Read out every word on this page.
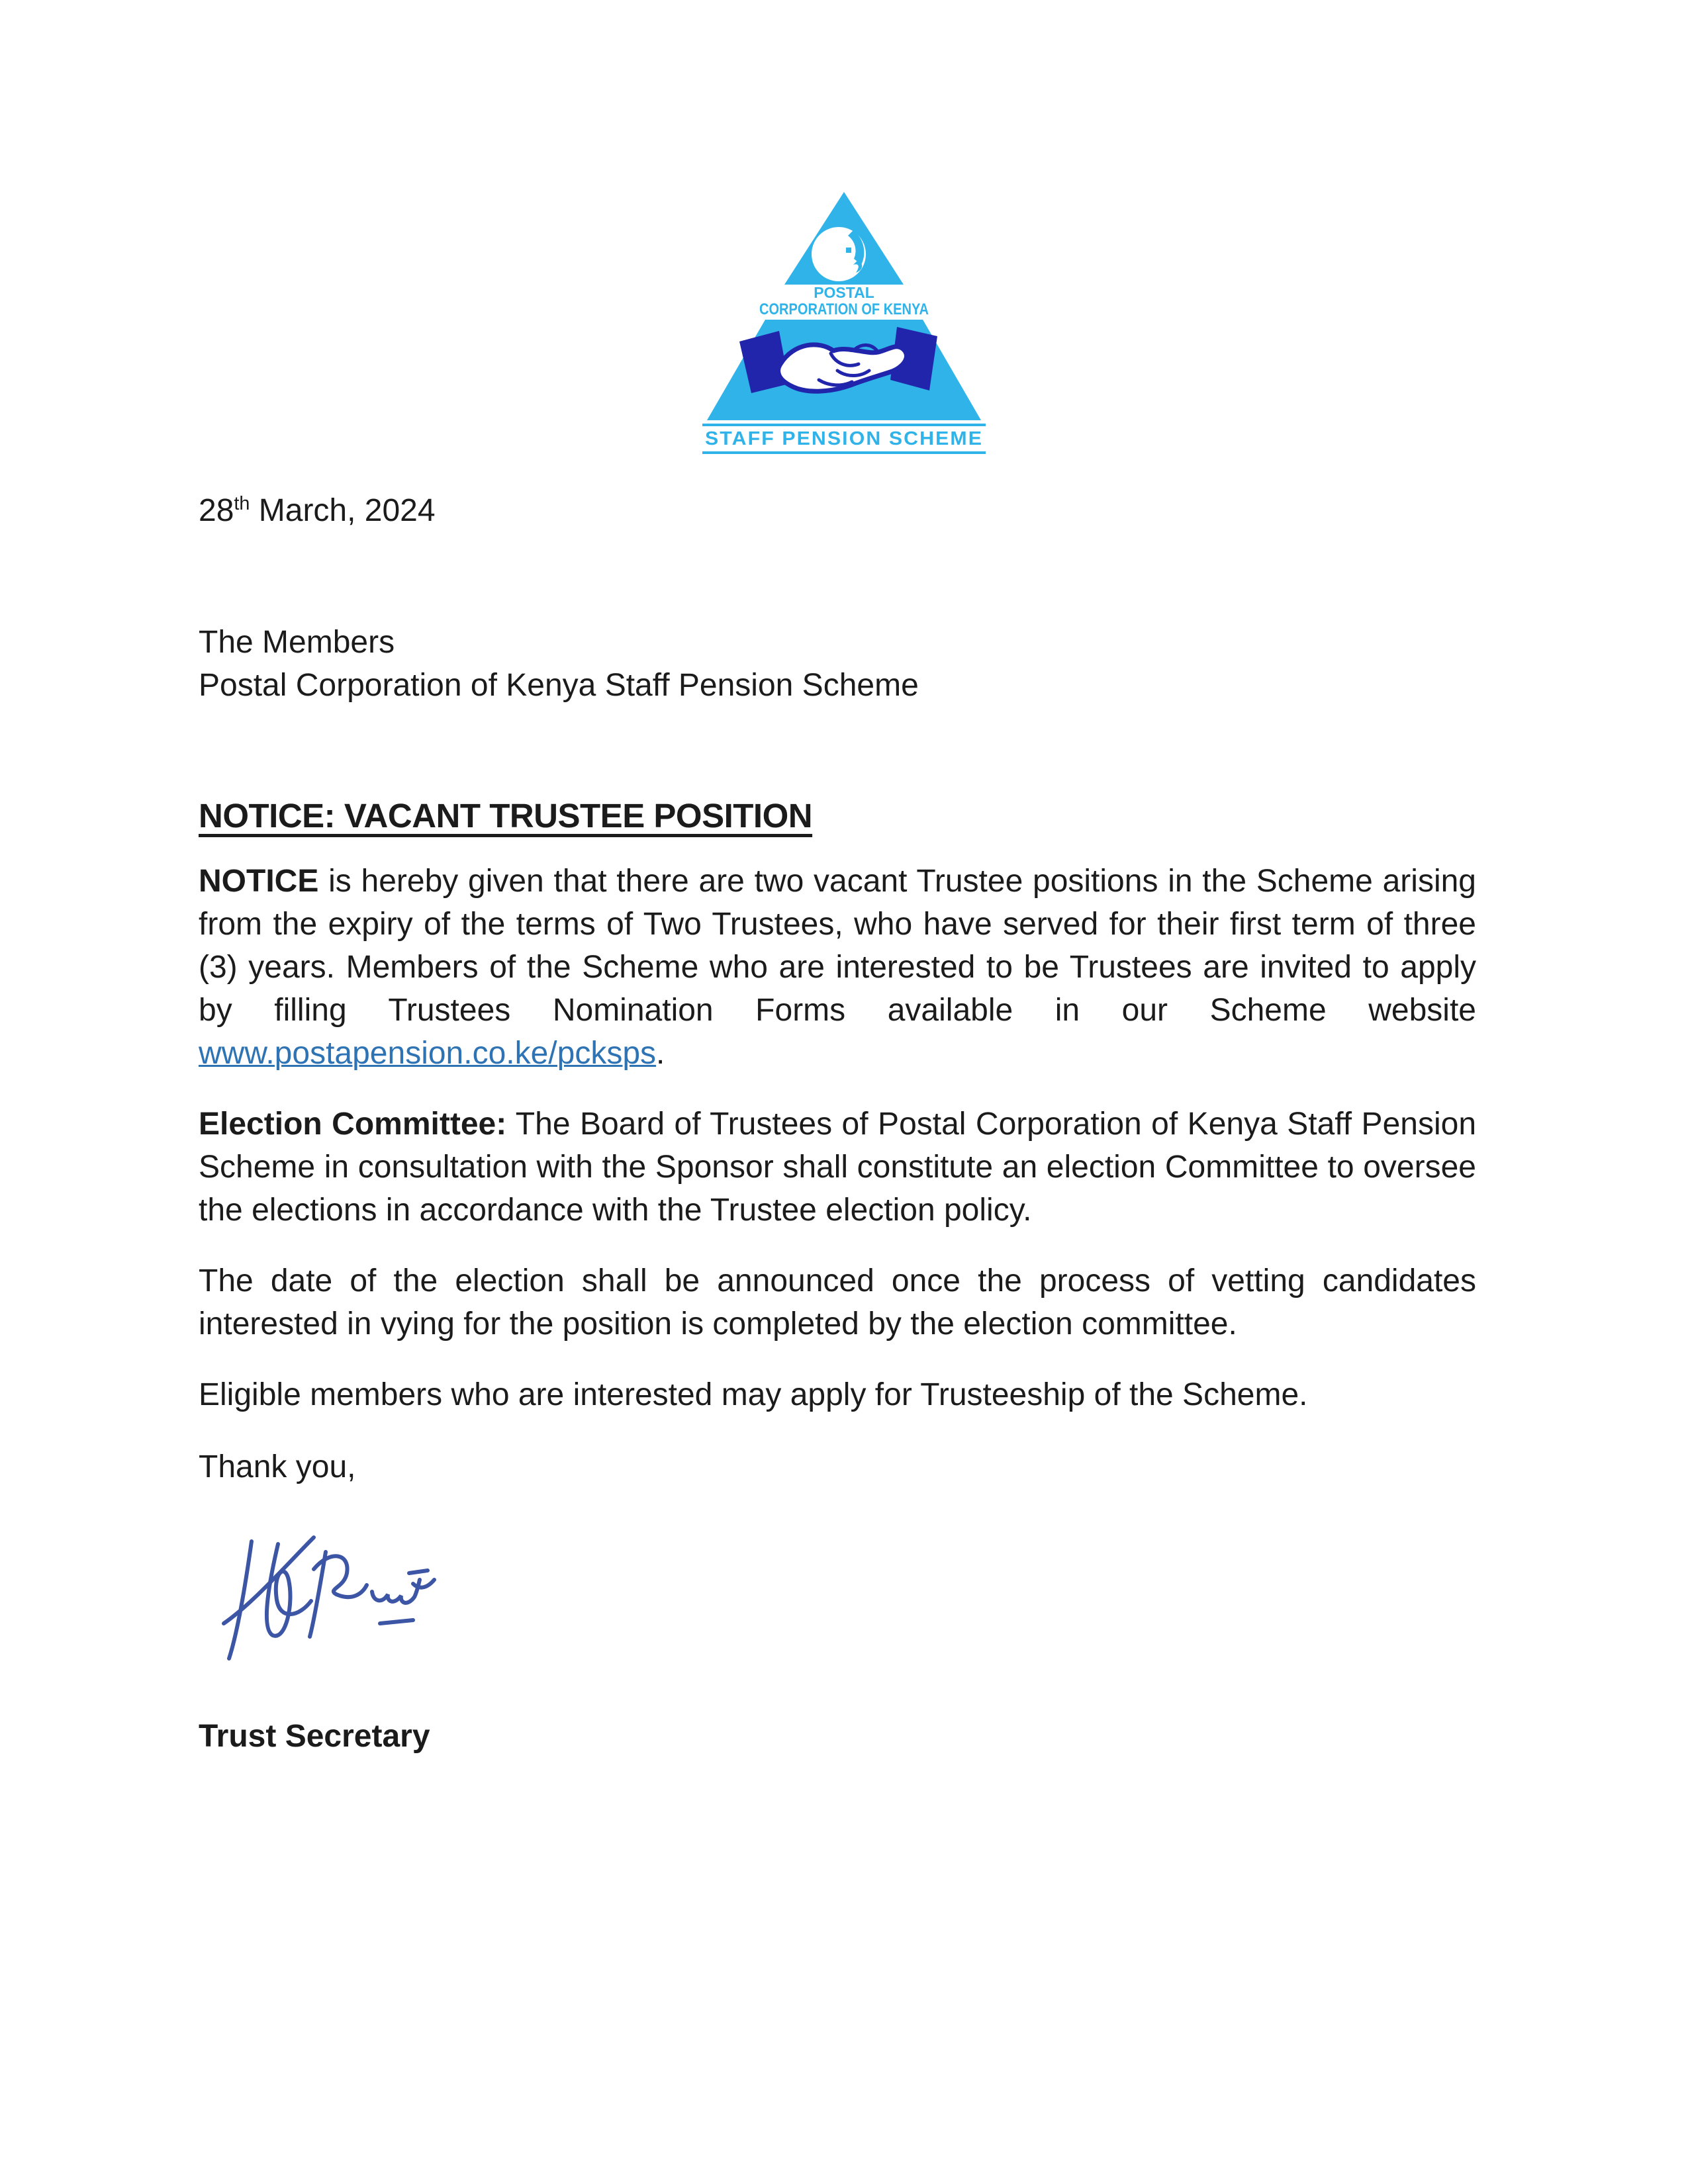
POSTAL
CORPORATION OF KENYA
STAFF PENSION SCHEME
28th March, 2024
The Members
Postal Corporation of Kenya Staff Pension Scheme
NOTICE: VACANT TRUSTEE POSITION

NOTICE is hereby given that there are two vacant Trustee positions in the Scheme arising from the expiry of the terms of Two Trustees, who have served for their first term of three (3) years. Members of the Scheme who are interested to be Trustees are invited to apply by filling Trustees Nomination Forms available in our Scheme website www.postapension.co.ke/pcksps.

Election Committee: The Board of Trustees of Postal Corporation of Kenya Staff Pension Scheme in consultation with the Sponsor shall constitute an election Committee to oversee the elections in accordance with the Trustee election policy.

The date of the election shall be announced once the process of vetting candidates interested in vying for the position is completed by the election committee.

Eligible members who are interested may apply for Trusteeship of the Scheme.

Thank you,
Trust Secretary
